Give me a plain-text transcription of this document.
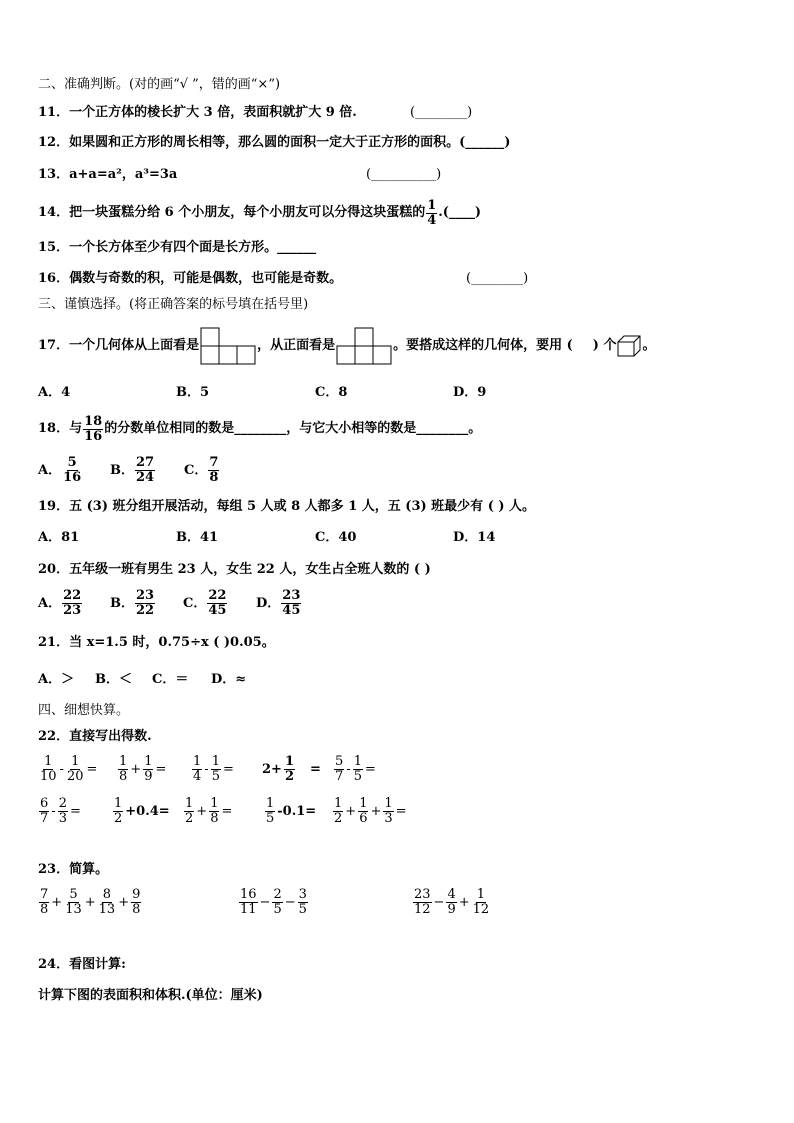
二、准确判断。(对的画“√ ”，错的画“×”)
11．一个正方体的棱长扩大 3 倍，表面积就扩大 9 倍.	(________)
12．如果圆和正方形的周长相等，那么圆的面积一定大于正方形的面积。(______)
13．a+a=a²，a³=3a	(__________)
14．把一块蛋糕分给 6 个小朋友，每个小朋友可以分得这块蛋糕的 $\frac{1}{4}$ .(____)
15．一个长方体至少有四个面是长方形。______
16．偶数与奇数的积，可能是偶数，也可能是奇数。	(________)
三、谨慎选择。(将正确答案的标号填在括号里)
17．一个几何体从上面看是	，从正面看是	。要搭成这样的几何体，要用 ( ) 个 。
A．4	B．5	C．8	D．9
18．与 $\frac{18}{16}$ 的分数单位相同的数是________，与它大小相等的数是________。
A． $\frac{5}{16}$ B． $\frac{27}{24}$ C． $\frac{7}{8}$
19．五 (3) 班分组开展活动，每组 5 人或 8 人都多 1 人，五 (3) 班最少有 ( ) 人。
A．81	B．41	C．40	D．14
20．五年级一班有男生 23 人，女生 22 人，女生占全班人数的 ( )
A． $\frac{22}{23}$ B． $\frac{23}{22}$ C． $\frac{22}{45}$ D． $\frac{23}{45}$
21．当 x=1.5 时，0.75÷x ( )0.05。
A．＞ B．＜ C．＝ D．≈
四、细想快算。
22．直接写出得数.
$\frac{1}{10} - \frac{1}{20} = \frac{1}{8} + \frac{1}{9} = \frac{1}{4} - \frac{1}{5} = 2+ \frac{1}{2} = \frac{5}{7} - \frac{1}{5}$ =
$\frac{6}{7} - \frac{2}{3} = \frac{1}{2} +0.4= \frac{1}{2} + \frac{1}{8}$ =	$\frac{1}{5} -0.1= \frac{1}{2} + \frac{1}{6} + \frac{1}{3}$ =
23．简算。
$\frac{7}{8} + \frac{5}{13} + \frac{8}{13} + \frac{9}{8}$	$\frac{16}{11} - \frac{2}{5} - \frac{3}{5}$	$\frac{23}{12} - \frac{4}{9} + \frac{1}{12}$
24．看图计算:
计算下图的表面积和体积.(单位：厘米)
